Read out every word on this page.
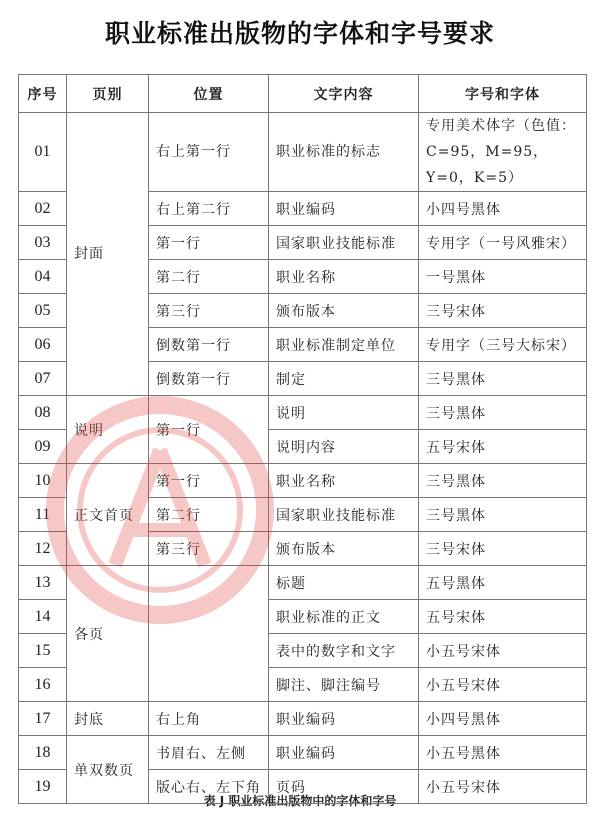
职业标准出版物的字体和字号要求
序号	页别	位置	文字内容	字号和字体
01	封面	右上第一行	职业标准的标志	专用美术体字（色值：C=95，M=95，Y=0，K=5）
02		右上第二行	职业编码	小四号黑体
03		第一行	国家职业技能标准	专用字（一号风雅宋）
04		第二行	职业名称	一号黑体
05		第三行	颁布版本	三号宋体
06		倒数第一行	职业标准制定单位	专用字（三号大标宋）
07		倒数第一行	制定	三号黑体
08	说明	第一行	说明	三号黑体
09			说明内容	五号宋体
10	正文首页	第一行	职业名称	三号黑体
11		第二行	国家职业技能标准	三号黑体
12		第三行	颁布版本	三号宋体
13	各页		标题	五号黑体
14			职业标准的正文	五号宋体
15			表中的数字和文字	小五号宋体
16			脚注、脚注编号	小五号宋体
17	封底	右上角	职业编码	小四号黑体
18	单双数页	书眉右、左侧	职业编码	小五号黑体
19		版心右、左下角	页码	小五号宋体
表 J 职业标准出版物中的字体和字号
